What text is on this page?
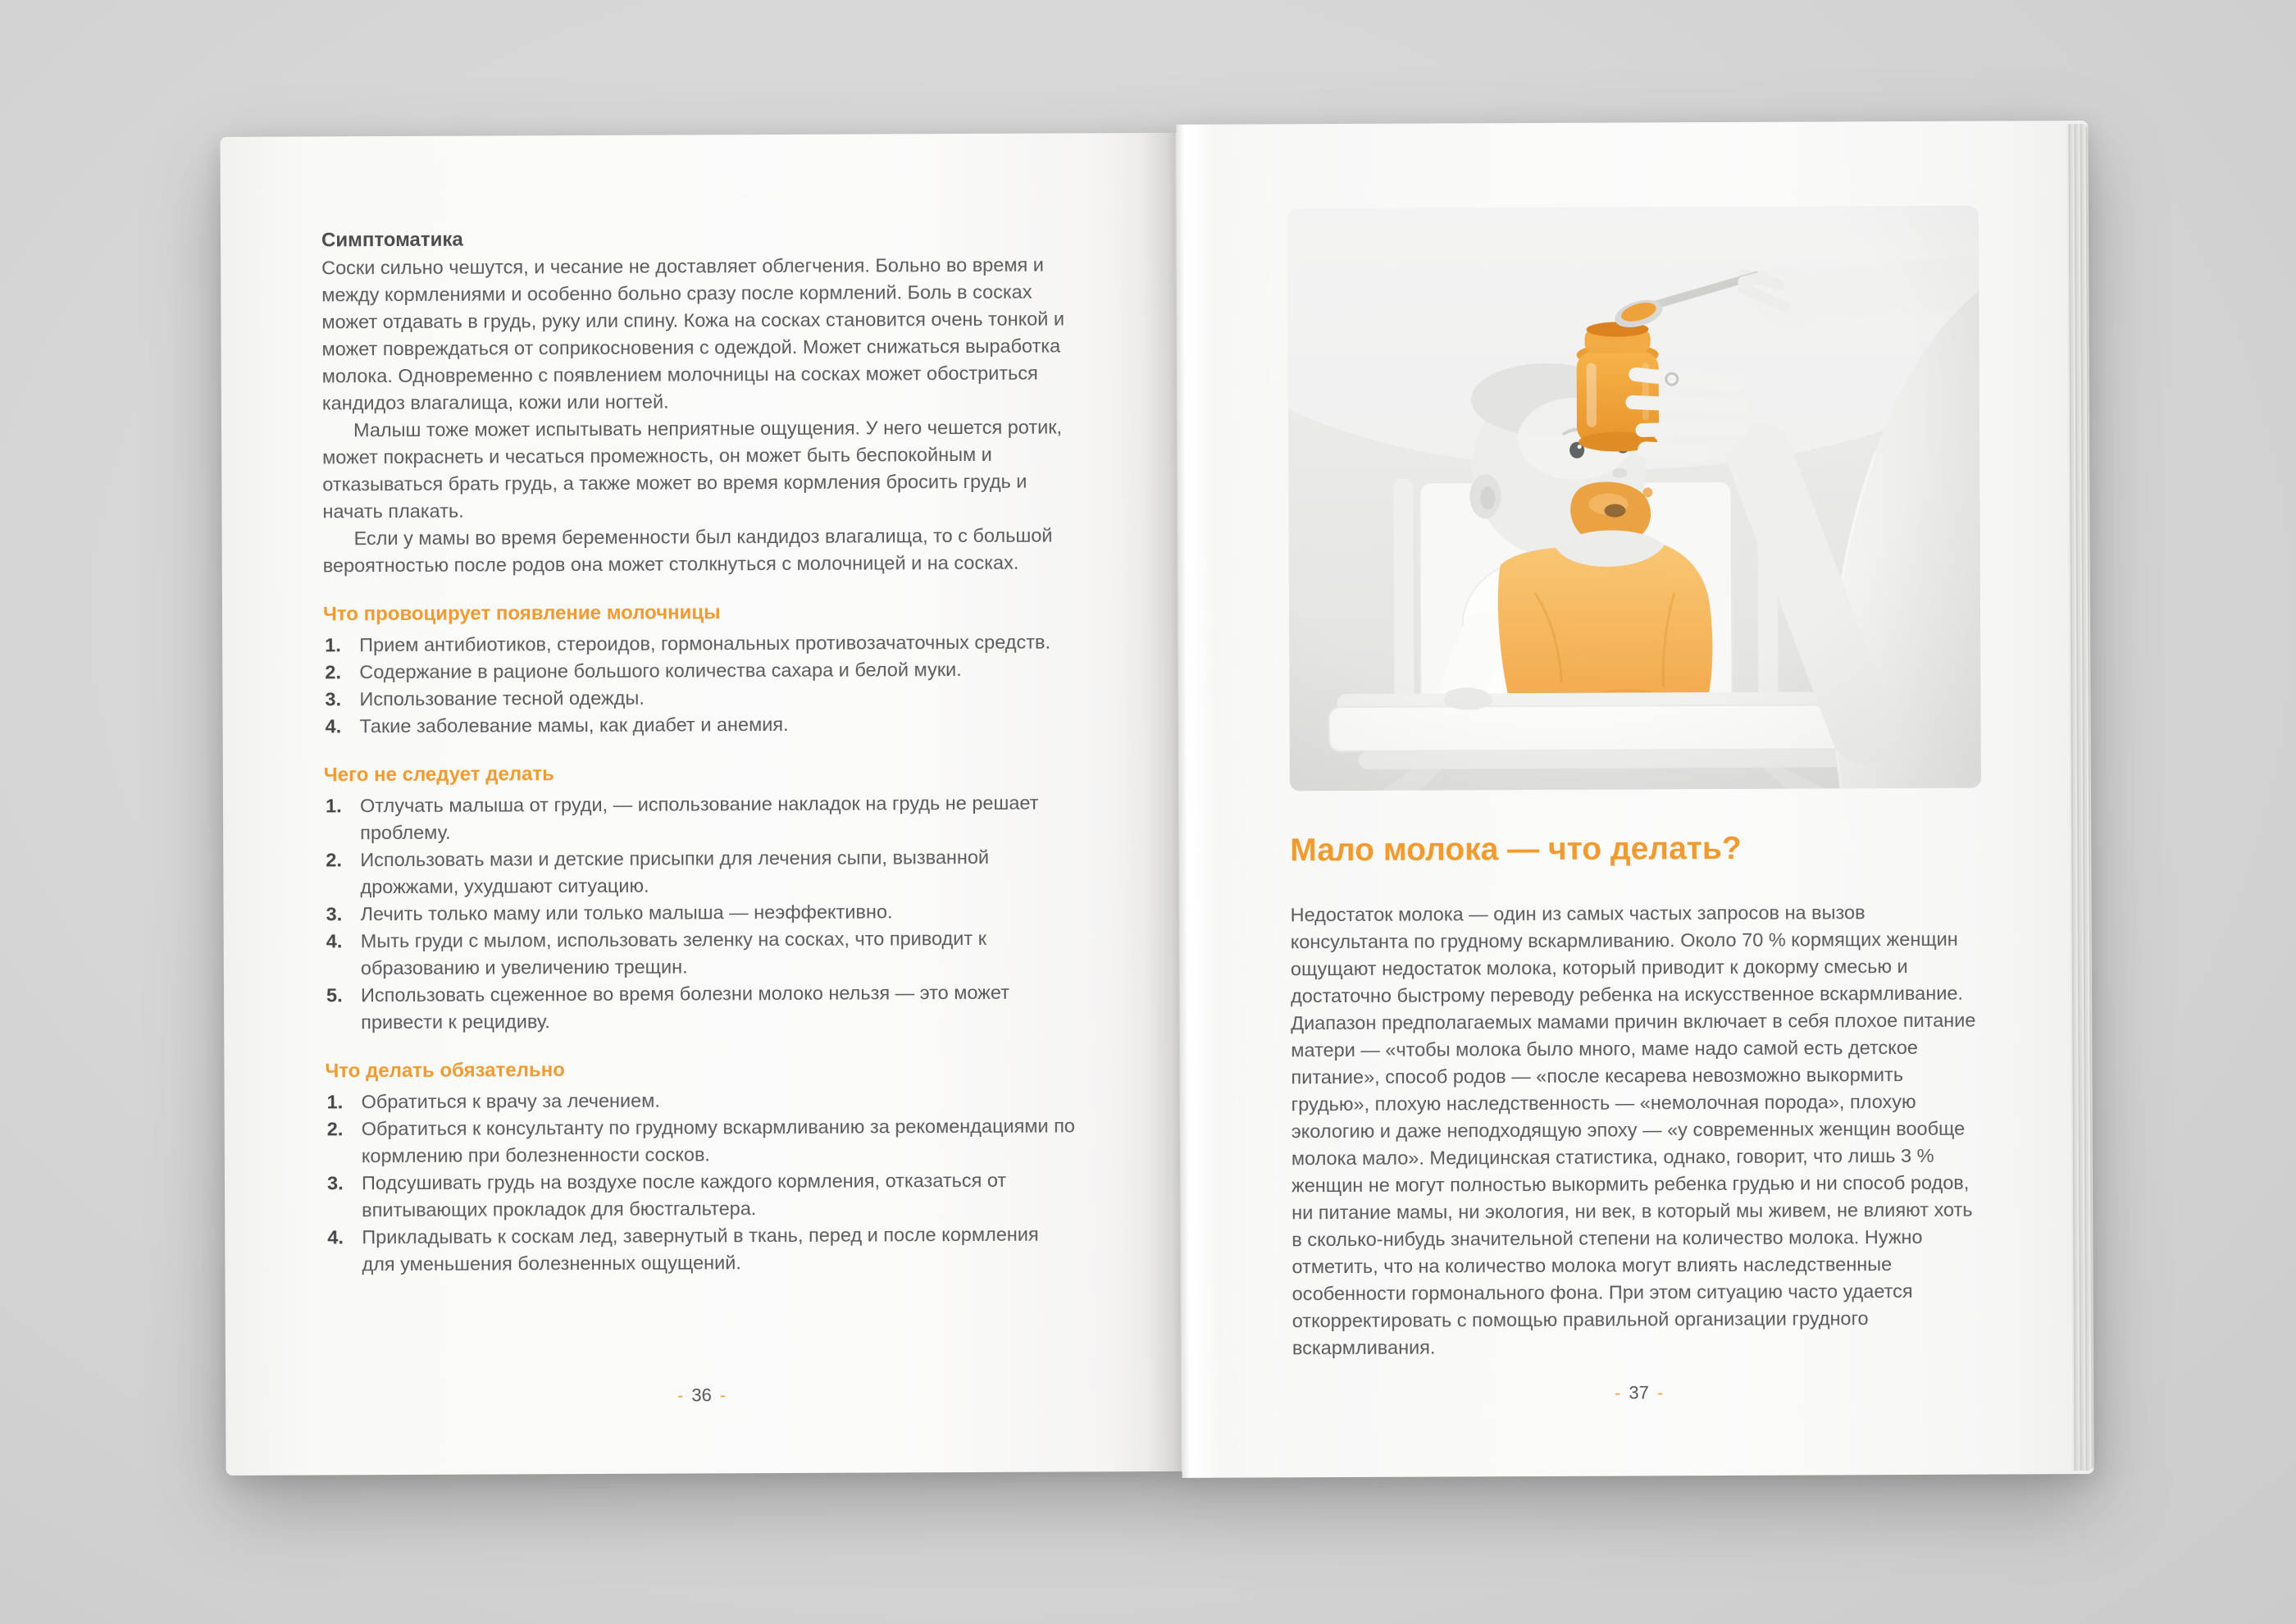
Симптоматика

Соски сильно чешутся, и чесание не доставляет облегчения. Больно во время и между кормлениями и особенно больно сразу после кормлений. Боль в сосках может отдавать в грудь, руку или спину. Кожа на сосках становится очень тонкой и может повреждаться от соприкосновения с одеждой. Может снижаться выработка молока. Одновременно с появлением молочницы на сосках может обостриться кандидоз влагалища, кожи или ногтей.

Малыш тоже может испытывать неприятные ощущения. У него чешется ротик, может покраснеть и чесаться промежность, он может быть беспокойным и отказываться брать грудь, а также может во время кормления бросить грудь и начать плакать.

Если у мамы во время беременности был кандидоз влагалища, то с большой вероятностью после родов она может столкнуться с молочницей и на сосках.

Что провоцирует появление молочницы
Прием антибиотиков, стероидов, гормональных противозачаточных средств.
Содержание в рационе большого количества сахара и белой муки.
Использование тесной одежды.
Такие заболевание мамы, как диабет и анемия.
Чего не следует делать
Отлучать малыша от груди, — использование накладок на грудь не решает проблему.
Использовать мази и детские присыпки для лечения сыпи, вызванной дрожжами, ухудшают ситуацию.
Лечить только маму или только малыша — неэффективно.
Мыть груди с мылом, использовать зеленку на сосках, что приводит к образованию и увеличению трещин.
Использовать сцеженное во время болезни молоко нельзя — это может привести к рецидиву.
Что делать обязательно
Обратиться к врачу за лечением.
Обратиться к консультанту по грудному вскармливанию за рекомендациями по кормлению при болезненности сосков.
Подсушивать грудь на воздухе после каждого кормления, отказаться от впитывающих прокладок для бюстгальтера.
Прикладывать к соскам лед, завернутый в ткань, перед и после кормления для уменьшения болезненных ощущений.
- 36 -
Мало молока — что делать?

Недостаток молока — один из самых частых запросов на вызов консультанта по грудному вскармливанию. Около 70 % кормящих женщин ощущают недостаток молока, который приводит к докорму смесью и достаточно быстрому переводу ребенка на искусственное вскармливание. Диапазон предполагаемых мамами причин включает в себя плохое питание матери — «чтобы молока было много, маме надо самой есть детское питание», способ родов — «после кесарева невозможно выкормить грудью», плохую наследственность — «немолочная порода», плохую экологию и даже неподходящую эпоху — «у современных женщин вообще молока мало». Медицинская статистика, однако, говорит, что лишь 3 % женщин не могут полностью выкормить ребенка грудью и ни способ родов, ни питание мамы, ни экология, ни век, в который мы живем, не влияют хоть в сколько-нибудь значительной степени на количество молока. Нужно отметить, что на количество молока могут влиять наследственные особенности гормонального фона. При этом ситуацию часто удается откорректировать с помощью правильной организации грудного вскармливания.

- 37 -
